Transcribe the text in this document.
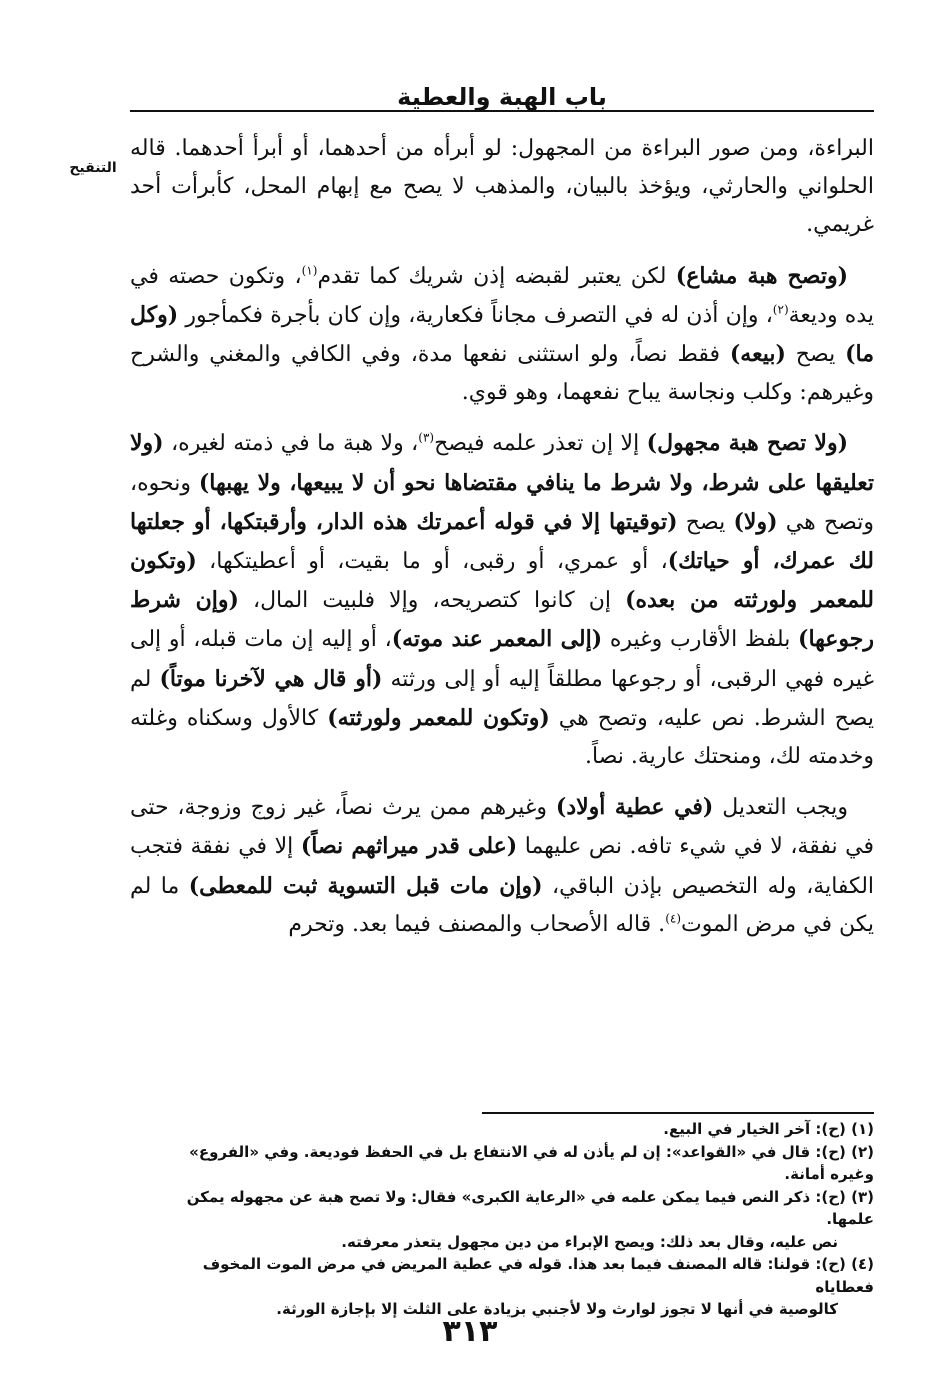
باب الهبة والعطية
التنقيح

البراءة، ومن صور البراءة من المجهول: لو أبرأه من أحدهما، أو أبرأ أحدهما. قاله الحلواني والحارثي، ويؤخذ بالبيان، والمذهب لا يصح مع إبهام المحل، كأبرأت أحد غريمي.

(وتصح هبة مشاع) لكن يعتبر لقبضه إذن شريك كما تقدم$^{(١)}$، وتكون حصته في يده وديعة$^{(٢)}$، وإن أذن له في التصرف مجاناً فكعارية، وإن كان بأجرة فكمأجور (وكل ما) يصح (بيعه) فقط نصاً، ولو استثنى نفعها مدة، وفي الكافي والمغني والشرح وغيرهم: وكلب ونجاسة يباح نفعهما، وهو قوي.

(ولا تصح هبة مجهول) إلا إن تعذر علمه فيصح$^{(٣)}$، ولا هبة ما في ذمته لغيره، (ولا تعليقها على شرط، ولا شرط ما ينافي مقتضاها نحو أن لا يبيعها، ولا يهبها) ونحوه، وتصح هي (ولا) يصح (توقيتها إلا في قوله أعمرتك هذه الدار، وأرقبتكها، أو جعلتها لك عمرك، أو حياتك)، أو عمري، أو رقبى، أو ما بقيت، أو أعطيتكها، (وتكون للمعمر ولورثته من بعده) إن كانوا كتصريحه، وإلا فلبيت المال، (وإن شرط رجوعها) بلفظ الأقارب وغيره (إلى المعمر عند موته)، أو إليه إن مات قبله، أو إلى غيره فهي الرقبى، أو رجوعها مطلقاً إليه أو إلى ورثته (أو قال هي لآخرنا موتاً) لم يصح الشرط. نص عليه، وتصح هي (وتكون للمعمر ولورثته) كالأول وسكناه وغلته وخدمته لك، ومنحتك عارية. نصاً.

ويجب التعديل (في عطية أولاد) وغيرهم ممن يرث نصاً، غير زوج وزوجة، حتى في نفقة، لا في شيء تافه. نص عليهما (على قدر ميراثهم نصاً) إلا في نفقة فتجب الكفاية، وله التخصيص بإذن الباقي، (وإن مات قبل التسوية ثبت للمعطى) ما لم يكن في مرض الموت$^{(٤)}$. قاله الأصحاب والمصنف فيما بعد. وتحرم

(١) (ح): آخر الخيار في البيع.
(٢) (ح): قال في «القواعد»: إن لم يأذن له في الانتفاع بل في الحفظ فوديعة. وفي «الفروع» وغيره أمانة.
(٣) (ح): ذكر النص فيما يمكن علمه في «الرعاية الكبرى» فقال: ولا تصح هبة عن مجهوله يمكن علمها.
نص عليه، وقال بعد ذلك: ويصح الإبراء من دين مجهول يتعذر معرفته.
(٤) (ح): قولنا: قاله المصنف فيما بعد هذا. قوله في عطية المريض في مرض الموت المخوف فعطاياه
كالوصية في أنها لا تجوز لوارث ولا لأجنبي بزيادة على الثلث إلا بإجازة الورثة.
٣١٣
